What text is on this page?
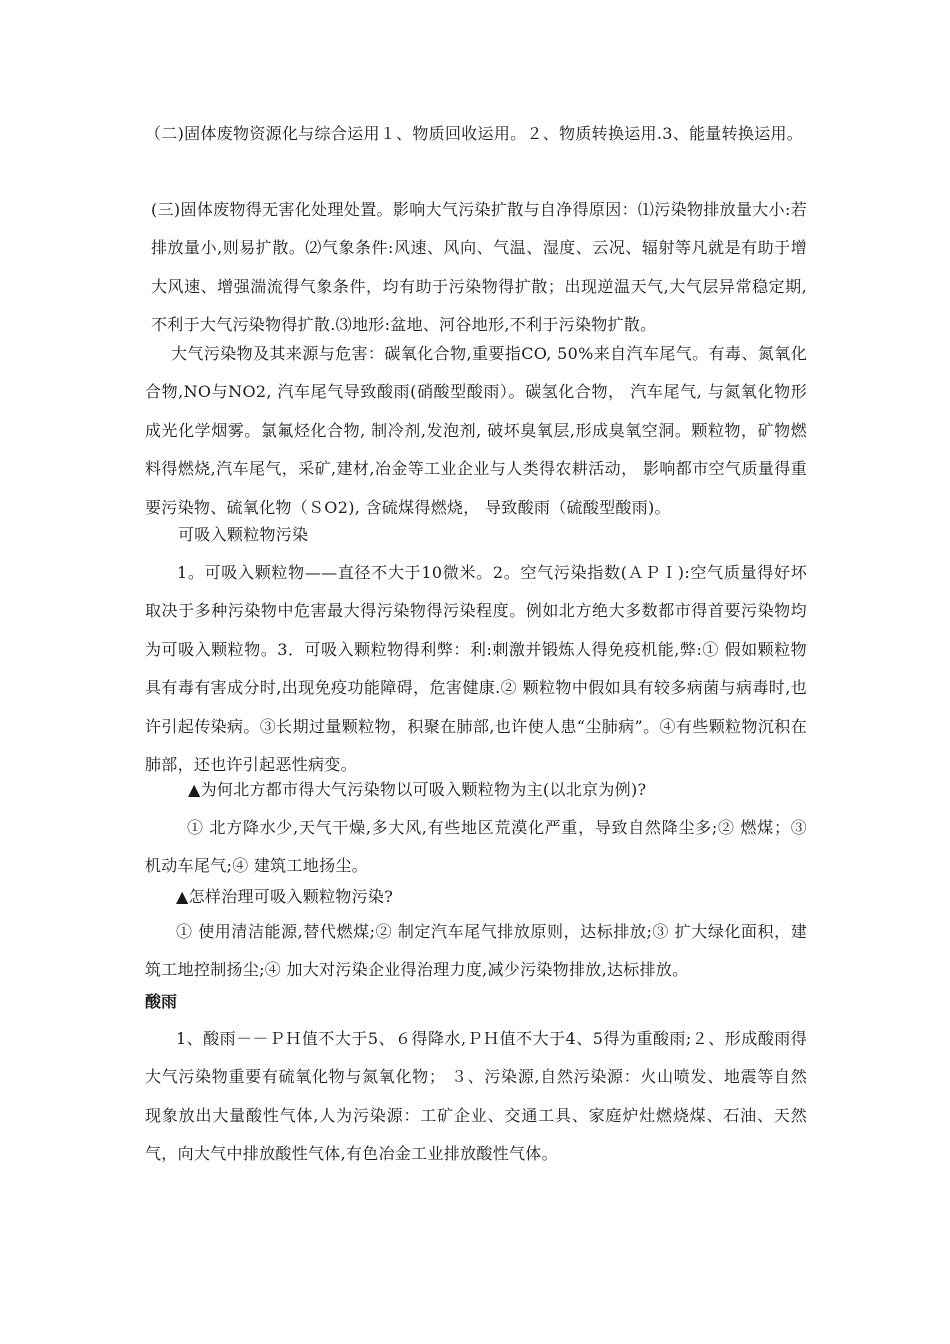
（二)固体废物资源化与综合运用１、物质回收运用。２、物质转换运用.3、能量转换运用。

(三)固体废物得无害化处理处置。影响大气污染扩散与自净得原因：⑴污染物排放量大小:若排放量小,则易扩散。⑵气象条件:风速、风向、气温、湿度、云况、辐射等凡就是有助于增大风速、增强湍流得气象条件，均有助于污染物得扩散；出现逆温天气,大气层异常稳定期,不利于大气污染物得扩散.⑶地形:盆地、河谷地形,不利于污染物扩散。

大气污染物及其来源与危害：碳氧化合物,重要指CO, 50%来自汽车尾气。有毒、氮氧化合物,NO与NO2, 汽车尾气导致酸雨(硝酸型酸雨）。碳氢化合物， 汽车尾气, 与氮氧化物形成光化学烟雾。氯氟烃化合物, 制冷剂,发泡剂, 破坏臭氧层,形成臭氧空洞。颗粒物，矿物燃料得燃烧,汽车尾气，采矿,建材,冶金等工业企业与人类得农耕活动， 影响都市空气质量得重要污染物、硫氧化物（ＳO2), 含硫煤得燃烧， 导致酸雨（硫酸型酸雨)。

可吸入颗粒物污染

1。可吸入颗粒物——直径不大于10微米。2。空气污染指数(ＡＰＩ):空气质量得好坏取决于多种污染物中危害最大得污染物得污染程度。例如北方绝大多数都市得首要污染物均为可吸入颗粒物。3．可吸入颗粒物得利弊：利:刺激并锻炼人得免疫机能,弊:① 假如颗粒物具有毒有害成分时,出现免疫功能障碍，危害健康.② 颗粒物中假如具有较多病菌与病毒时,也许引起传染病。③长期过量颗粒物，积聚在肺部,也许使人患“尘肺病”。④有些颗粒物沉积在肺部，还也许引起恶性病变。

▲为何北方都市得大气污染物以可吸入颗粒物为主(以北京为例)?

① 北方降水少,天气干燥,多大风,有些地区荒漠化严重，导致自然降尘多;② 燃煤；③ 机动车尾气;④ 建筑工地扬尘。

▲怎样治理可吸入颗粒物污染?

① 使用清洁能源,替代燃煤;② 制定汽车尾气排放原则，达标排放;③ 扩大绿化面积，建筑工地控制扬尘;④ 加大对污染企业得治理力度,减少污染物排放,达标排放。

酸雨

1、酸雨－－ＰＨ值不大于5、６得降水,ＰＨ值不大于4、5得为重酸雨;２、形成酸雨得大气污染物重要有硫氧化物与氮氧化物； ３、污染源,自然污染源：火山喷发、地震等自然现象放出大量酸性气体,人为污染源：工矿企业、交通工具、家庭炉灶燃烧煤、石油、天然气，向大气中排放酸性气体,有色冶金工业排放酸性气体。
